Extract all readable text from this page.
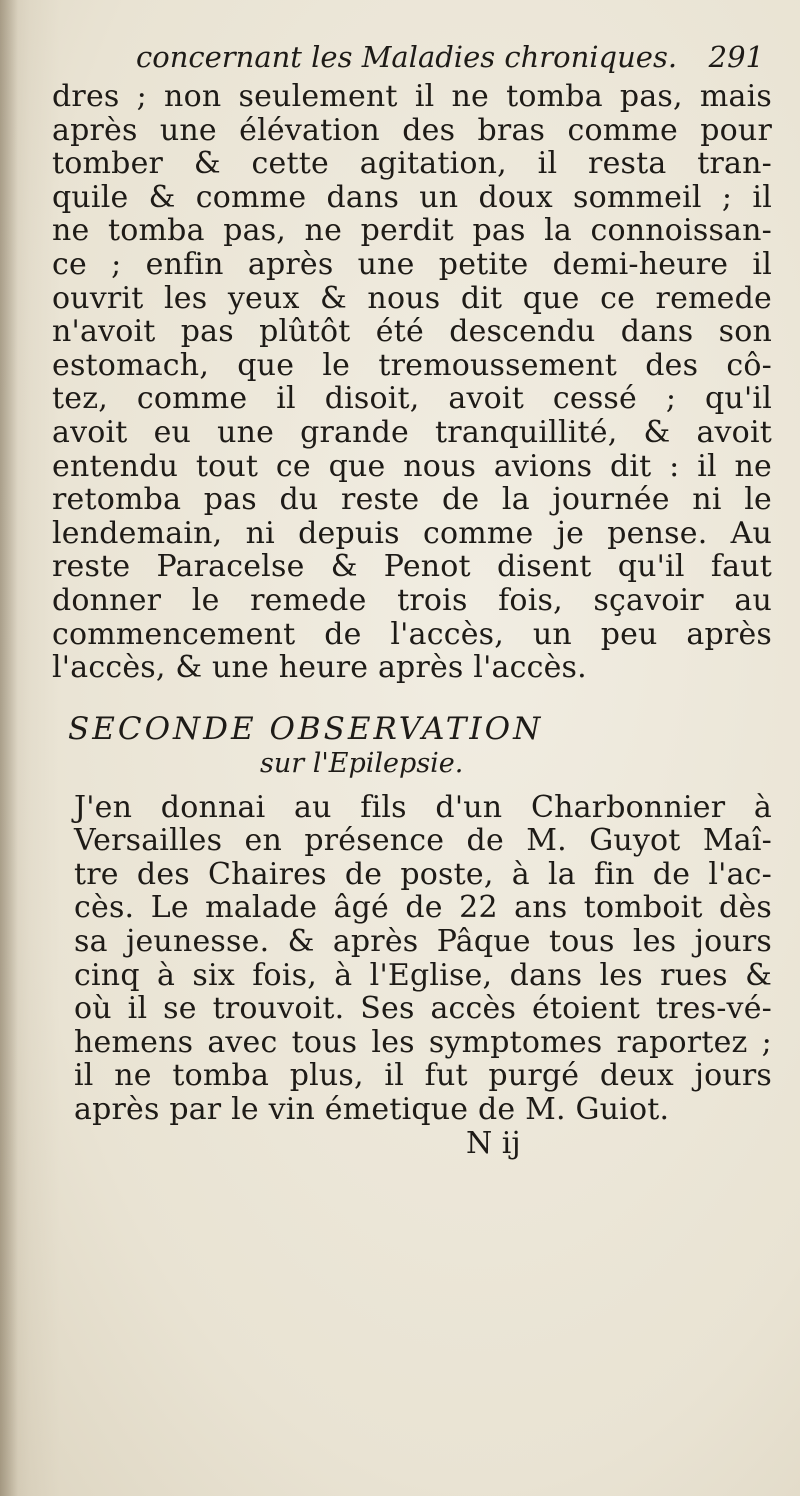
concernant les Maladies chroniques. 291
dres ; non seulement il ne tomba pas, mais
après une élévation des bras comme pour
tomber & cette agitation, il resta tran-
quile & comme dans un doux sommeil ; il
ne tomba pas, ne perdit pas la connoissan-
ce ; enfin après une petite demi-heure il
ouvrit les yeux & nous dit que ce remede
n'avoit pas plûtôt été descendu dans son
estomach, que le tremoussement des cô-
tez, comme il disoit, avoit cessé ; qu'il
avoit eu une grande tranquillité, & avoit
entendu tout ce que nous avions dit : il ne
retomba pas du reste de la journée ni le
lendemain, ni depuis comme je pense. Au
reste Paracelse & Penot disent qu'il faut
donner le remede trois fois, sçavoir au
commencement de l'accès, un peu après
l'accès, & une heure après l'accès.
SECONDE OBSERVATION
sur l'Epilepsie.
J'en donnai au fils d'un Charbonnier à
Versailles en présence de M. Guyot Maî-
tre des Chaires de poste, à la fin de l'ac-
cès. Le malade âgé de 22 ans tomboit dès
sa jeunesse. & après Pâque tous les jours
cinq à six fois, à l'Eglise, dans les rues &
où il se trouvoit. Ses accès étoient tres-vé-
hemens avec tous les symptomes raportez ;
il ne tomba plus, il fut purgé deux jours
après par le vin émetique de M. Guiot.
N ij
